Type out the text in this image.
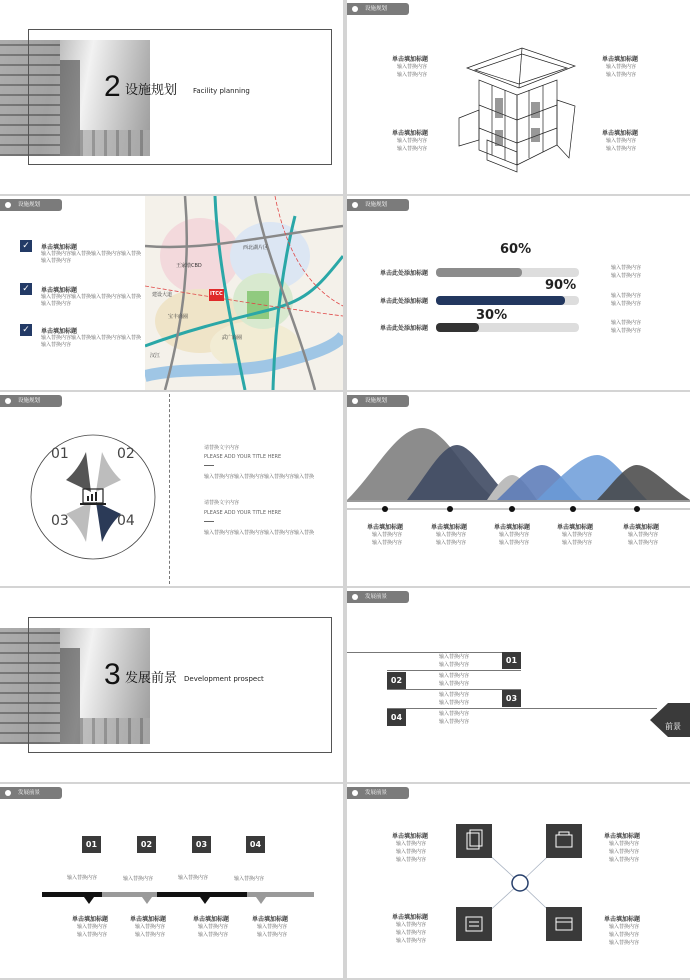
2 设施规划 Facility planning
设施规划
单击填加标题
输入替换内容
输入替换内容
单击填加标题
输入替换内容
输入替换内容
单击填加标题
输入替换内容
输入替换内容
单击填加标题
输入替换内容
输入替换内容
设施规划
✓	单击填加标题
输入替换内容输入替换输入替换内容输入替换输入替换内容
✓	单击填加标题
输入替换内容输入替换输入替换内容输入替换输入替换内容
✓	单击填加标题
输入替换内容输入替换输入替换内容输入替换输入替换内容
王家墩CBD
西北湖片区
ITCC
宝丰商圈
武广商圈
建设大道
汉江
设施规划
60%
单击此处添加标题
输入替换内容
输入替换内容
90%
单击此处添加标题
输入替换内容
输入替换内容
30%
单击此处添加标题
输入替换内容
输入替换内容
设施规划
01	02
03	04
请替换文字内容
PLEASE ADD YOUR TITLE HERE
输入替换内容输入替换内容输入替换内容输入替换
请替换文字内容
PLEASE ADD YOUR TITLE HERE
输入替换内容输入替换内容输入替换内容输入替换
设施规划
单击填加标题
输入替换内容
输入替换内容
单击填加标题
输入替换内容
输入替换内容
单击填加标题
输入替换内容
输入替换内容
单击填加标题
输入替换内容
输入替换内容
单击填加标题
输入替换内容
输入替换内容
3 发展前景 Development prospect
发展前景
01
02
03
04
输入替换内容
输入替换内容
输入替换内容
输入替换内容
输入替换内容
输入替换内容
输入替换内容
输入替换内容	前景
发展前景
01	02	03	04
输入替换内容	输入替换内容	输入替换内容	输入替换内容
单击填加标题
输入替换内容
输入替换内容
单击填加标题
输入替换内容
输入替换内容
单击填加标题
输入替换内容
输入替换内容
单击填加标题
输入替换内容
输入替换内容
发展前景
单击填加标题
输入替换内容
输入替换内容
输入替换内容
单击填加标题
输入替换内容
输入替换内容
输入替换内容
单击填加标题
输入替换内容
输入替换内容
输入替换内容
单击填加标题
输入替换内容
输入替换内容
输入替换内容
